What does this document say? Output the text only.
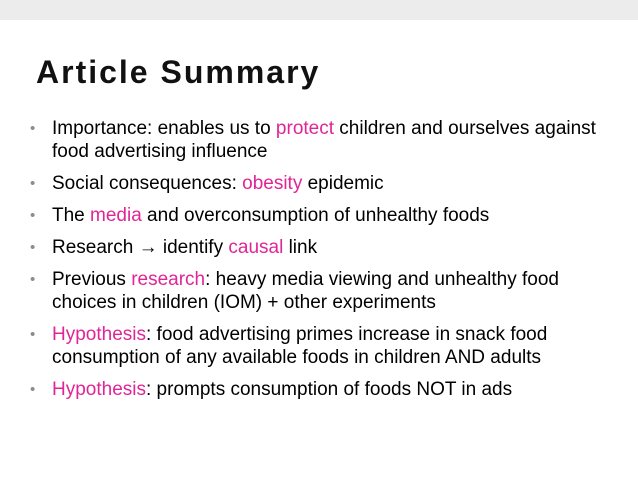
Article Summary
• Importance: enables us to protect children and ourselves against food advertising influence
• Social consequences: obesity epidemic
• The media and overconsumption of unhealthy foods
• Research → identify causal link
• Previous research: heavy media viewing and unhealthy food choices in children (IOM) + other experiments
• Hypothesis: food advertising primes increase in snack food consumption of any available foods in children AND adults
• Hypothesis: prompts consumption of foods NOT in ads
